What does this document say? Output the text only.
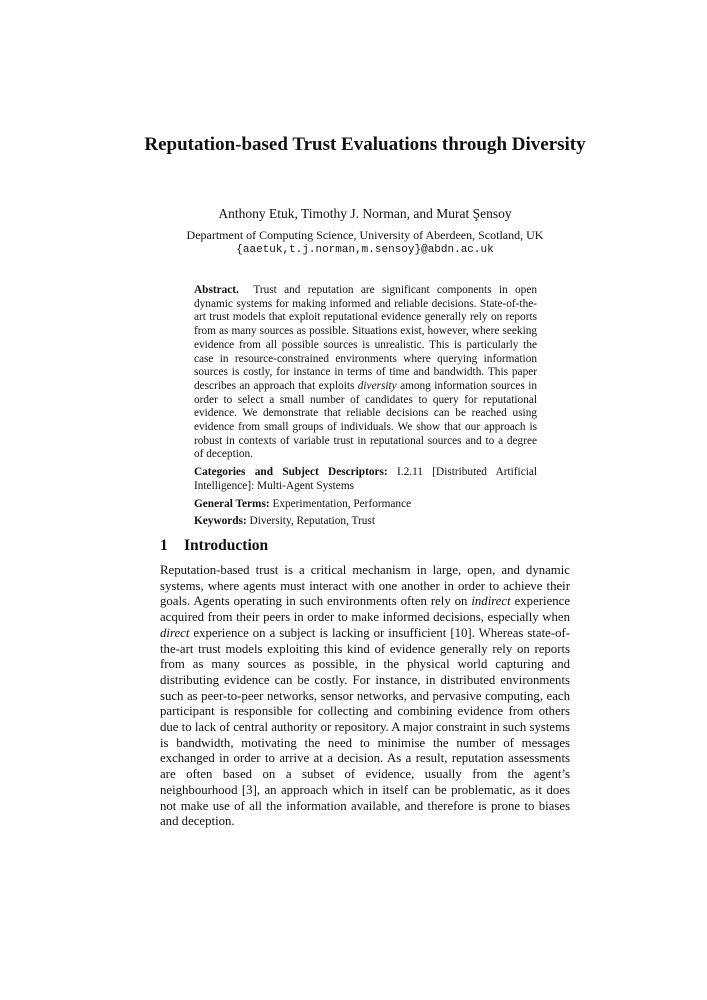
Reputation-based Trust Evaluations through Diversity
Anthony Etuk, Timothy J. Norman, and Murat Şensoy
Department of Computing Science, University of Aberdeen, Scotland, UK
{aaetuk,t.j.norman,m.sensoy}@abdn.ac.uk

Abstract. Trust and reputation are significant components in open dynamic systems for making informed and reliable decisions. State-of-the-art trust models that exploit reputational evidence generally rely on reports from as many sources as possible. Situations exist, however, where seeking evidence from all possible sources is unrealistic. This is particularly the case in resource-constrained environments where querying information sources is costly, for instance in terms of time and bandwidth. This paper describes an approach that exploits diversity among information sources in order to select a small number of candidates to query for reputational evidence. We demonstrate that reliable decisions can be reached using evidence from small groups of individuals. We show that our approach is robust in contexts of variable trust in reputational sources and to a degree of deception.

Categories and Subject Descriptors: I.2.11 [Distributed Artificial Intelligence]: Multi-Agent Systems

General Terms: Experimentation, Performance

Keywords: Diversity, Reputation, Trust

1 Introduction

Reputation-based trust is a critical mechanism in large, open, and dynamic systems, where agents must interact with one another in order to achieve their goals. Agents operating in such environments often rely on indirect experience acquired from their peers in order to make informed decisions, especially when direct experience on a subject is lacking or insufficient [10]. Whereas state-of-the-art trust models exploiting this kind of evidence generally rely on reports from as many sources as possible, in the physical world capturing and distributing evidence can be costly. For instance, in distributed environments such as peer-to-peer networks, sensor networks, and pervasive computing, each participant is responsible for collecting and combining evidence from others due to lack of central authority or repository. A major constraint in such systems is bandwidth, motivating the need to minimise the number of messages exchanged in order to arrive at a decision. As a result, reputation assessments are often based on a subset of evidence, usually from the agent’s neighbourhood [3], an approach which in itself can be problematic, as it does not make use of all the information available, and therefore is prone to biases and deception.
